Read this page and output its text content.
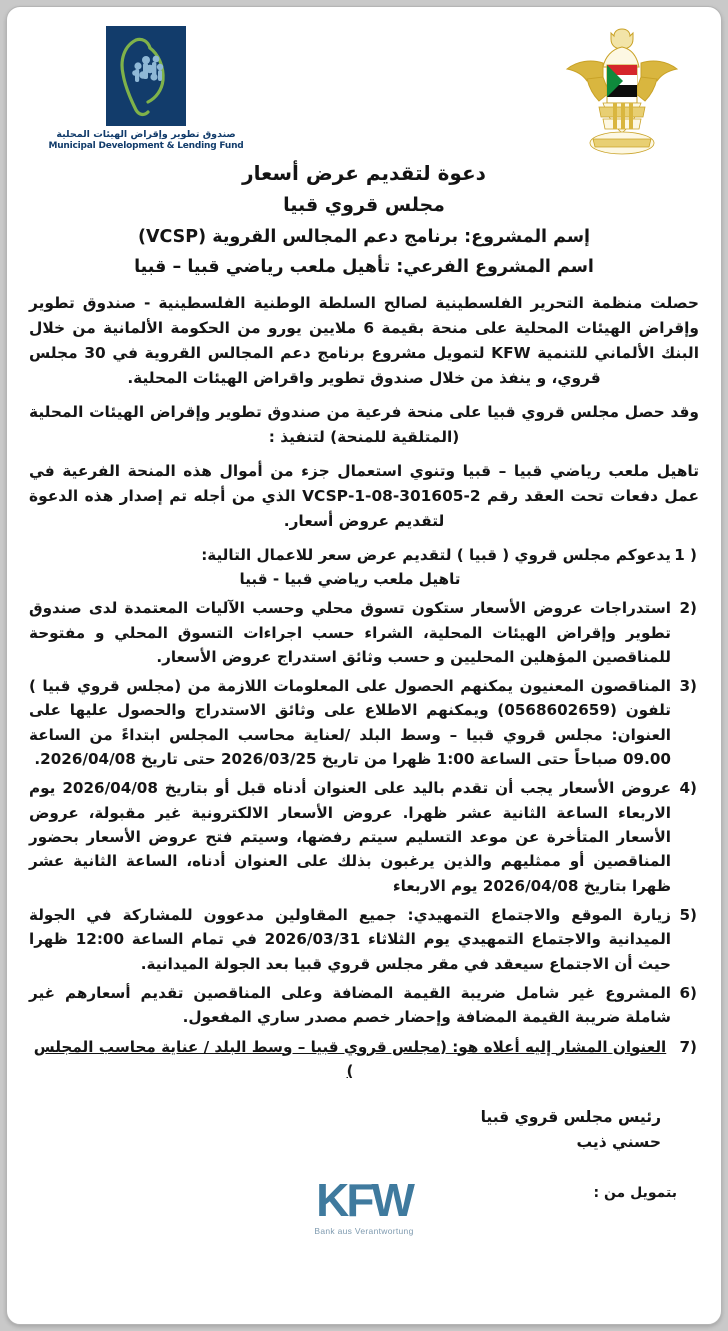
صندوق تطوير وإقراض الهيئات المحلية
Municipal Development & Lending Fund
دعوة لتقديم عرض أسعار
مجلس قروي قبيا
إسم المشروع: برنامج دعم المجالس القروية (VCSP)
اسم المشروع الفرعي: تأهيل ملعب رياضي قبيا – قبيا

حصلت منظمة التحرير الفلسطينية لصالح السلطة الوطنية الفلسطينية - صندوق تطوير وإقراض الهيئات المحلية على منحة بقيمة 6 ملايين يورو من الحكومة الألمانية من خلال البنك الألماني للتنمية KFW لتمويل مشروع برنامج دعم المجالس القروية في 30 مجلس قروي، و ينفذ من خلال صندوق تطوير واقراض الهيئات المحلية.

وقد حصل مجلس قروي قبيا على منحة فرعية من صندوق تطوير وإقراض الهيئات المحلية (المتلقية للمنحة) لتنفيذ :

تاهيل ملعب رياضي قبيا – قبيا وتنوي استعمال جزء من أموال هذه المنحة الفرعية في عمل دفعات تحت العقد رقم 2-301605-08-1-VCSP الذي من أجله تم إصدار هذه الدعوة لتقديم عروض أسعار.

1 )
يدعوكم مجلس قروي ( قبيا ) لتقديم عرض سعر للاعمال التالية:
تاهيل ملعب رياضي قبيا - قبيا
2)
استدراجات عروض الأسعار ستكون تسوق محلي وحسب الآليات المعتمدة لدى صندوق تطوير وإقراض الهيئات المحلية، الشراء حسب اجراءات التسوق المحلي و مفتوحة للمناقصين المؤهلين المحليين و حسب وثائق استدراج عروض الأسعار.
3)
المناقصون المعنيون يمكنهم الحصول على المعلومات اللازمة من (مجلس قروي قبيا ) تلفون (0568602659) ويمكنهم الاطلاع على وثائق الاستدراج والحصول عليها على العنوان: مجلس قروي قبيا – وسط البلد /لعناية محاسب المجلس ابتداءً من الساعة 09.00 صباحاً حتى الساعة 1:00 ظهرا من تاريخ 2026/03/25 حتى تاريخ 2026/04/08.
4)
عروض الأسعار يجب أن تقدم باليد على العنوان أدناه قبل أو بتاريخ 2026/04/08 يوم الاربعاء الساعة الثانية عشر ظهرا. عروض الأسعار الالكترونية غير مقبولة، عروض الأسعار المتأخرة عن موعد التسليم سيتم رفضها، وسيتم فتح عروض الأسعار بحضور المناقصين أو ممثليهم والذين يرغبون بذلك على العنوان أدناه، الساعة الثانية عشر ظهرا بتاريخ 2026/04/08 يوم الاربعاء
5)
زيارة الموقع والاجتماع التمهيدي: جميع المقاولين مدعوون للمشاركة في الجولة الميدانية والاجتماع التمهيدي يوم الثلاثاء 2026/03/31 في تمام الساعة 12:00 ظهرا حيث أن الاجتماع سيعقد في مقر مجلس قروي قبيا بعد الجولة الميدانية.
6)
المشروع غير شامل ضريبة القيمة المضافة وعلى المناقصين تقديم أسعارهم غير شاملة ضريبة القيمة المضافة وإحضار خصم مصدر ساري المفعول.
7)
العنوان المشار إليه أعلاه هو: (مجلس قروي قبيا – وسط البلد / عناية محاسب المجلس )
رئيس مجلس قروي قبيا
حسني ذيب
بتمويل من :
KFW
Bank aus Verantwortung
